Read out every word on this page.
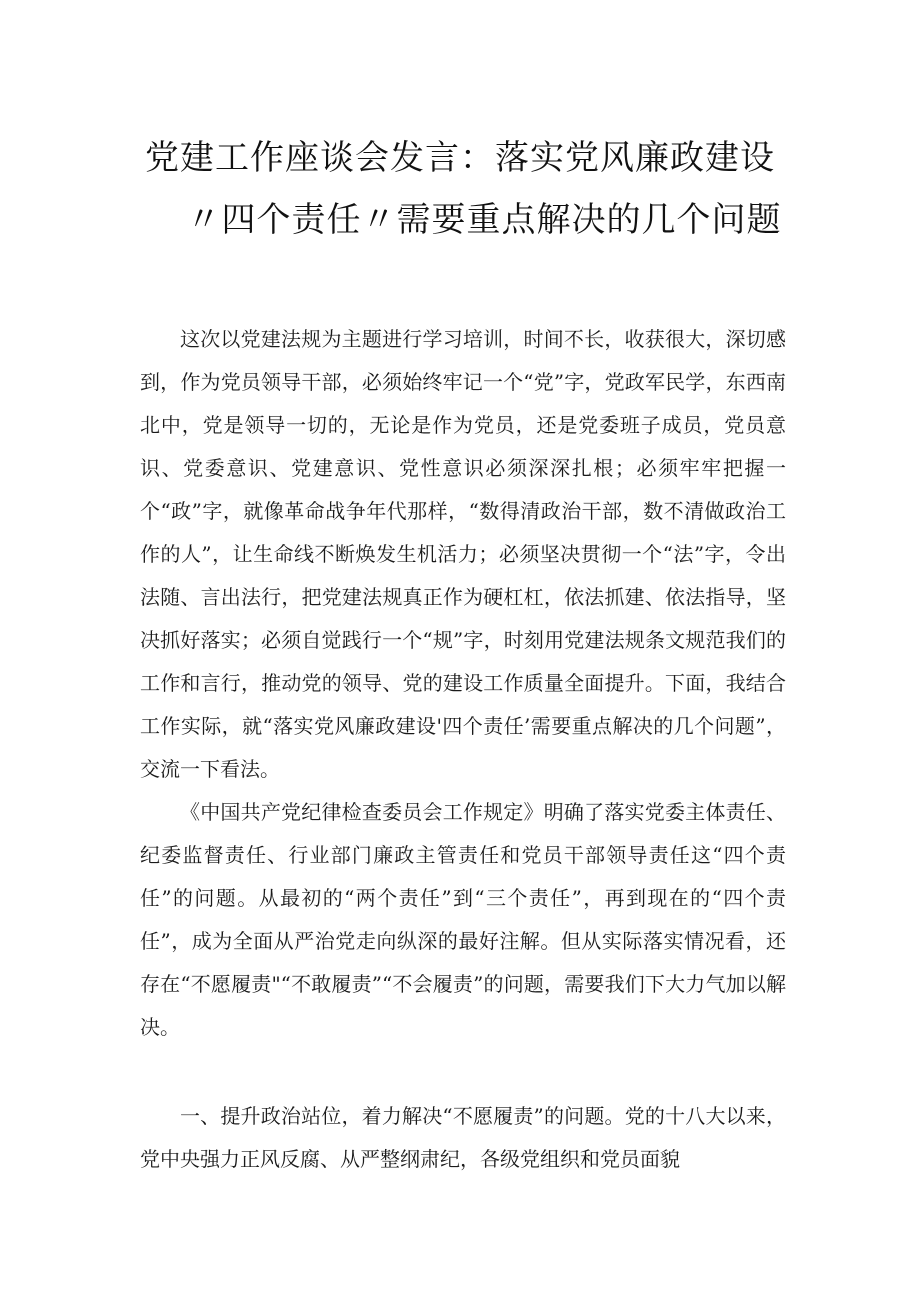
党建工作座谈会发言：落实党风廉政建设
〃四个责任〃需要重点解决的几个问题

这次以党建法规为主题进行学习培训，时间不长，收获很大，深切感到，作为党员领导干部，必须始终牢记一个“党”字，党政军民学，东西南北中，党是领导一切的，无论是作为党员，还是党委班子成员，党员意识、党委意识、党建意识、党性意识必须深深扎根；必须牢牢把握一个“政”字，就像革命战争年代那样，“数得清政治干部，数不清做政治工作的人”，让生命线不断焕发生机活力；必须坚决贯彻一个“法”字，令出法随、言出法行，把党建法规真正作为硬杠杠，依法抓建、依法指导，坚决抓好落实；必须自觉践行一个“规”字，时刻用党建法规条文规范我们的工作和言行，推动党的领导、党的建设工作质量全面提升。下面，我结合工作实际，就“落实党风廉政建设'四个责任’需要重点解决的几个问题”，交流一下看法。

《中国共产党纪律检查委员会工作规定》明确了落实党委主体责任、纪委监督责任、行业部门廉政主管责任和党员干部领导责任这“四个责任”的问题。从最初的“两个责任”到“三个责任”，再到现在的“四个责任”，成为全面从严治党走向纵深的最好注解。但从实际落实情况看，还存在“不愿履责"“不敢履责”“不会履责”的问题，需要我们下大力气加以解决。

一、提升政治站位，着力解决“不愿履责”的问题。党的十八大以来，党中央强力正风反腐、从严整纲肃纪，各级党组织和党员面貌
